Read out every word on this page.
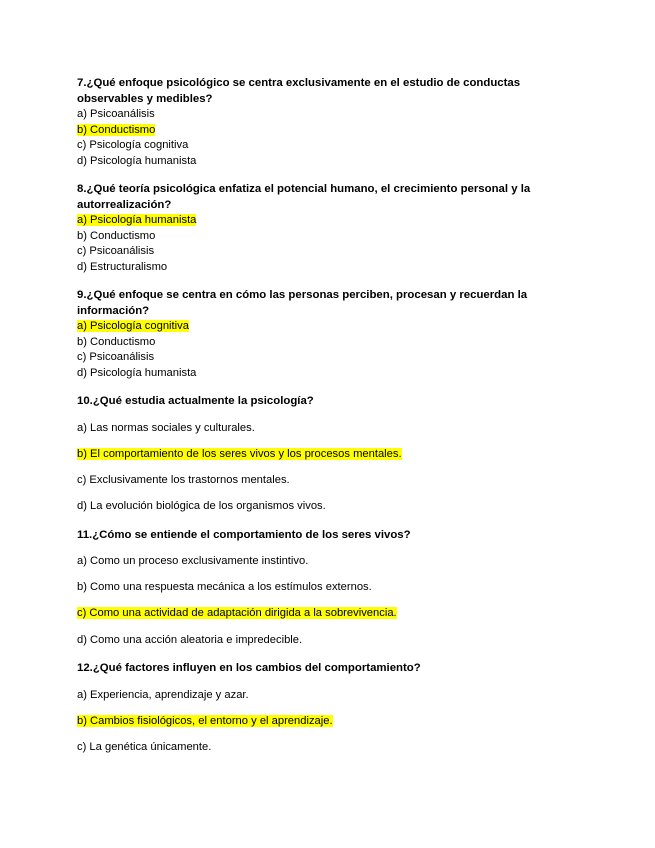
7.¿Qué enfoque psicológico se centra exclusivamente en el estudio de conductas observables y medibles?

a) Psicoanálisis
b) Conductismo
c) Psicología cognitiva
d) Psicología humanista

8.¿Qué teoría psicológica enfatiza el potencial humano, el crecimiento personal y la autorrealización?

a) Psicología humanista
b) Conductismo
c) Psicoanálisis
d) Estructuralismo

9.¿Qué enfoque se centra en cómo las personas perciben, procesan y recuerdan la información?

a) Psicología cognitiva
b) Conductismo
c) Psicoanálisis
d) Psicología humanista

10.¿Qué estudia actualmente la psicología?

a) Las normas sociales y culturales.
b) El comportamiento de los seres vivos y los procesos mentales.
c) Exclusivamente los trastornos mentales.
d) La evolución biológica de los organismos vivos.

11.¿Cómo se entiende el comportamiento de los seres vivos?

a) Como un proceso exclusivamente instintivo.
b) Como una respuesta mecánica a los estímulos externos.
c) Como una actividad de adaptación dirigida a la sobrevivencia.
d) Como una acción aleatoria e impredecible.

12.¿Qué factores influyen en los cambios del comportamiento?

a) Experiencia, aprendizaje y azar.
b) Cambios fisiológicos, el entorno y el aprendizaje.
c) La genética únicamente.
